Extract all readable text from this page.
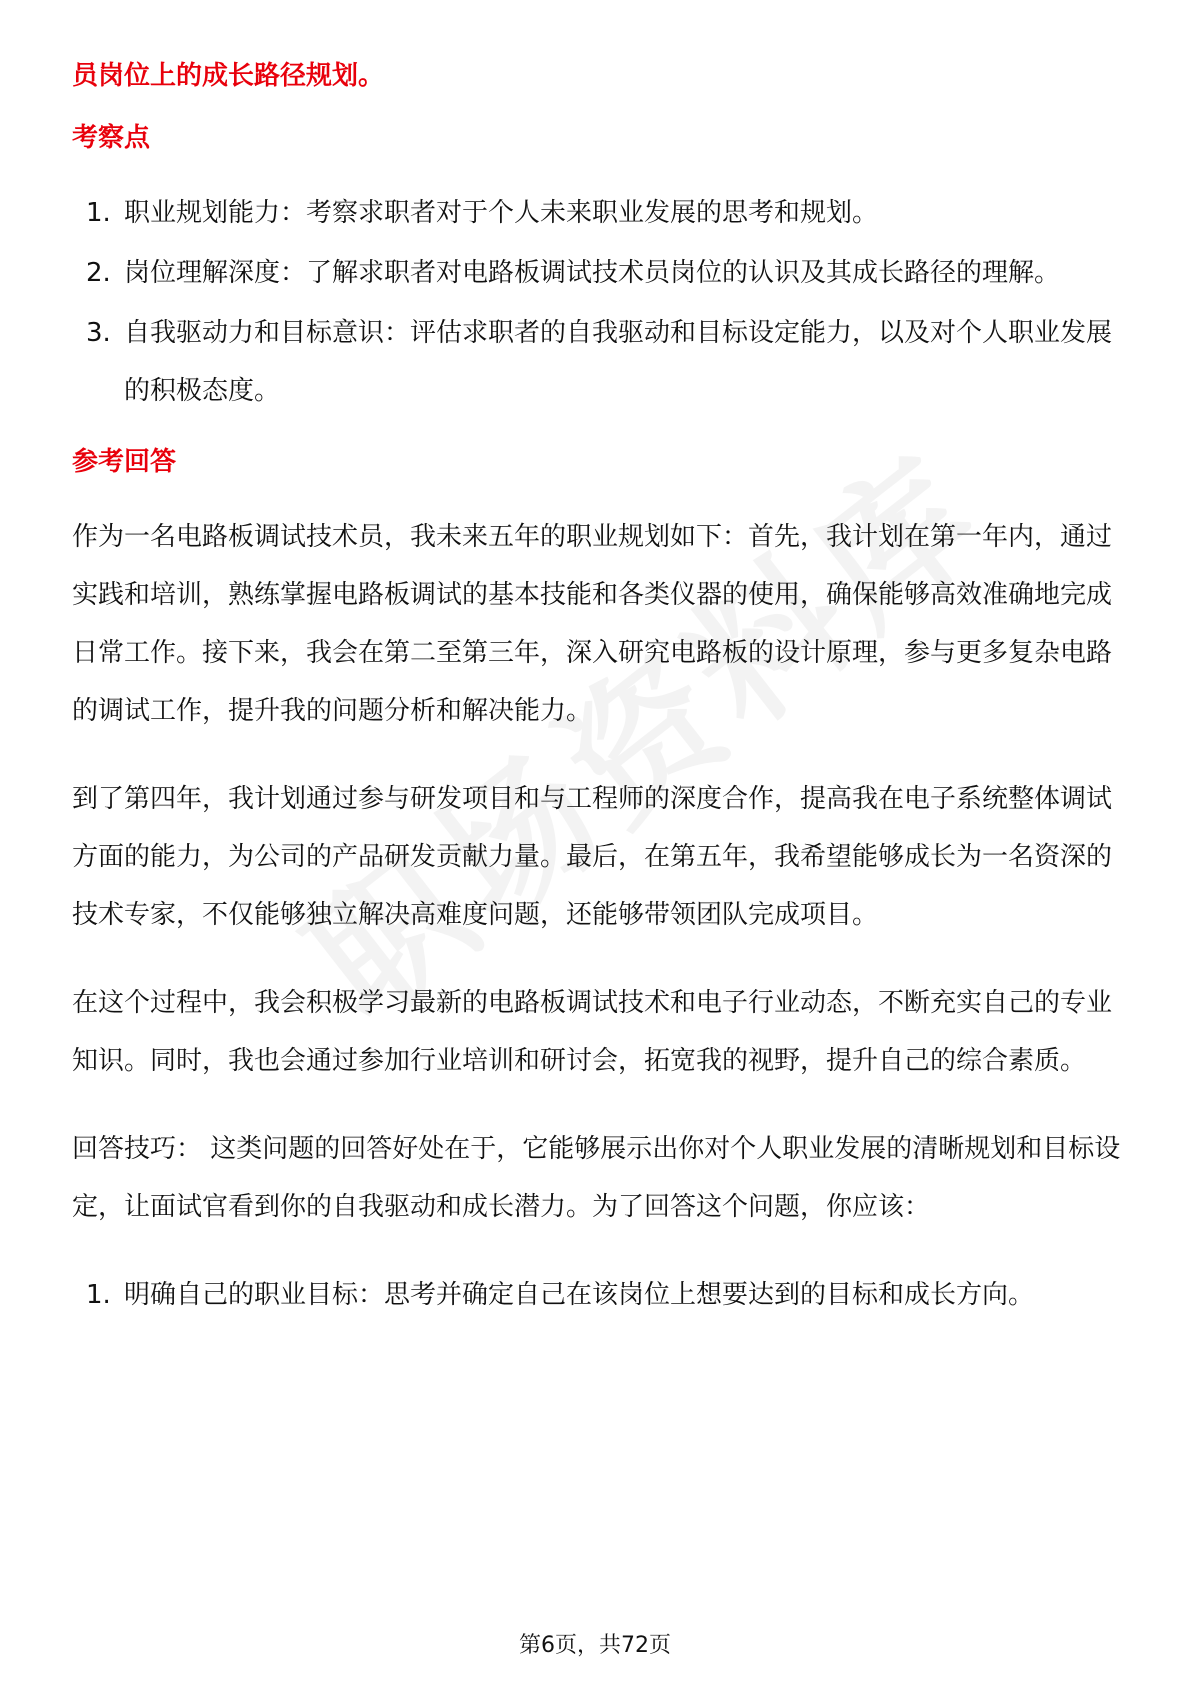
员岗位上的成长路径规划。

考察点

1. 职业规划能力：考察求职者对于个人未来职业发展的思考和规划。
2. 岗位理解深度：了解求职者对电路板调试技术员岗位的认识及其成长路径的理解。
3. 自我驱动力和目标意识：评估求职者的自我驱动和目标设定能力，以及对个人职业发展的积极态度。

参考回答

作为一名电路板调试技术员，我未来五年的职业规划如下：首先，我计划在第一年内，通过实践和培训，熟练掌握电路板调试的基本技能和各类仪器的使用，确保能够高效准确地完成日常工作。接下来，我会在第二至第三年，深入研究电路板的设计原理，参与更多复杂电路的调试工作，提升我的问题分析和解决能力。

到了第四年，我计划通过参与研发项目和与工程师的深度合作，提高我在电子系统整体调试方面的能力，为公司的产品研发贡献力量。最后，在第五年，我希望能够成长为一名资深的技术专家，不仅能够独立解决高难度问题，还能够带领团队完成项目。

在这个过程中，我会积极学习最新的电路板调试技术和电子行业动态，不断充实自己的专业知识。同时，我也会通过参加行业培训和研讨会，拓宽我的视野，提升自己的综合素质。

回答技巧： 这类问题的回答好处在于，它能够展示出你对个人职业发展的清晰规划和目标设定，让面试官看到你的自我驱动和成长潜力。为了回答这个问题，你应该：

1. 明确自己的职业目标：思考并确定自己在该岗位上想要达到的目标和成长方向。
第6页，共72页
